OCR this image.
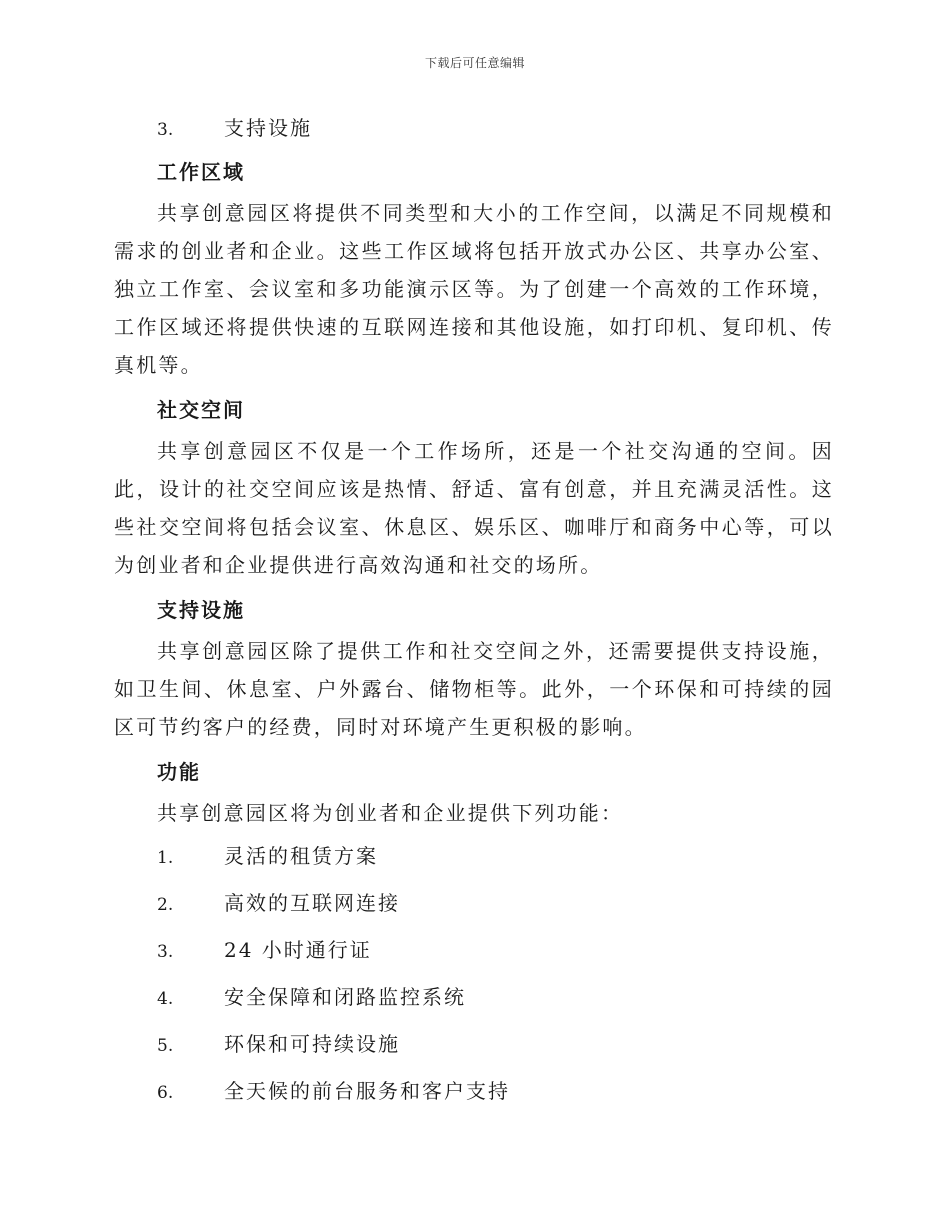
下载后可任意编辑
3.	支持设施
工作区域

共享创意园区将提供不同类型和大小的工作空间，以满足不同规模和需求的创业者和企业。这些工作区域将包括开放式办公区、共享办公室、独立工作室、会议室和多功能演示区等。为了创建一个高效的工作环境，工作区域还将提供快速的互联网连接和其他设施，如打印机、复印机、传真机等。

社交空间

共享创意园区不仅是一个工作场所，还是一个社交沟通的空间。因此，设计的社交空间应该是热情、舒适、富有创意，并且充满灵活性。这些社交空间将包括会议室、休息区、娱乐区、咖啡厅和商务中心等，可以为创业者和企业提供进行高效沟通和社交的场所。

支持设施

共享创意园区除了提供工作和社交空间之外，还需要提供支持设施，如卫生间、休息室、户外露台、储物柜等。此外，一个环保和可持续的园区可节约客户的经费，同时对环境产生更积极的影响。

功能

共享创意园区将为创业者和企业提供下列功能：

1.	灵活的租赁方案
2.	高效的互联网连接
3.	24 小时通行证
4.	安全保障和闭路监控系统
5.	环保和可持续设施
6.	全天候的前台服务和客户支持
